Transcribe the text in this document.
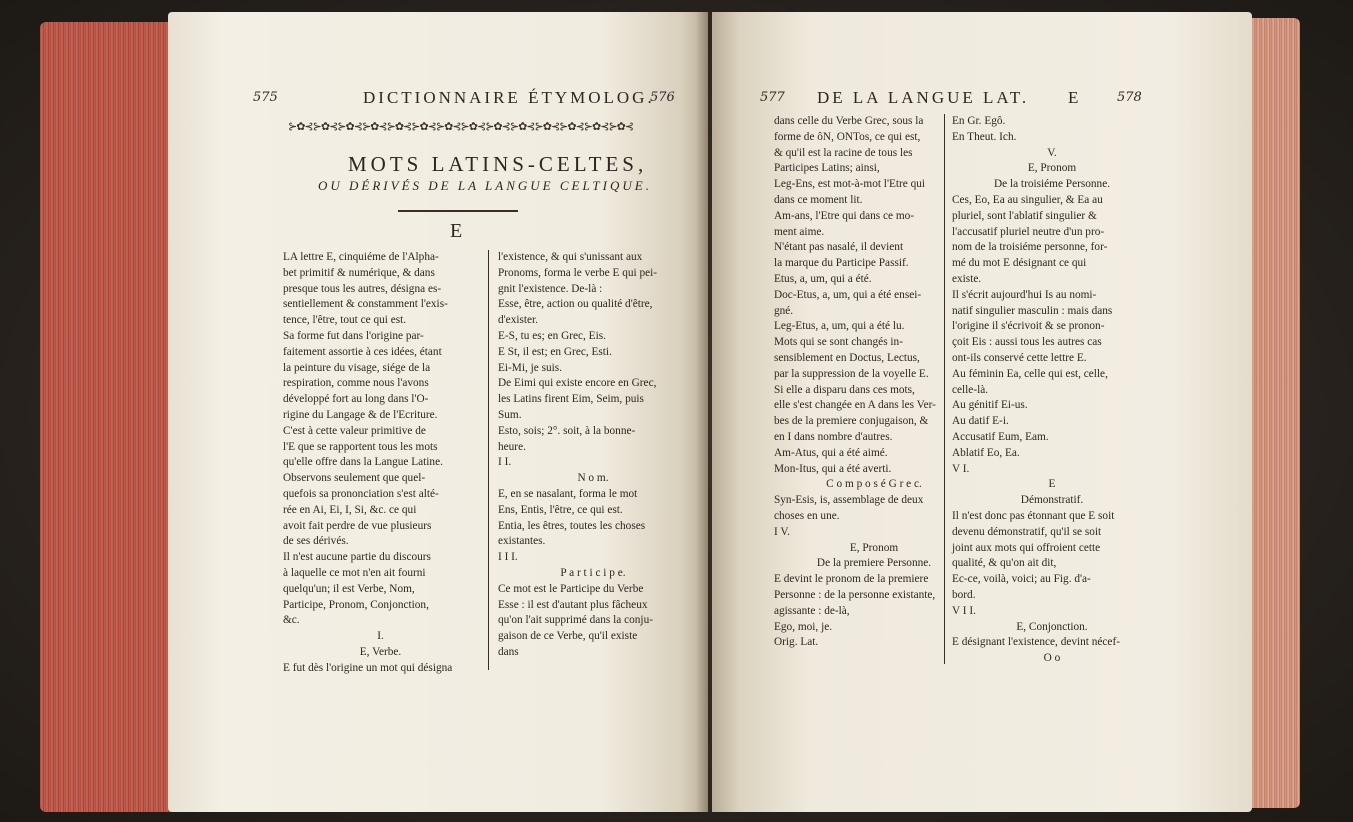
575	DICTIONNAIRE ÉTYMOLOG.
576
⊱✿⊰⊱✿⊰⊱✿⊰⊱✿⊰⊱✿⊰⊱✿⊰⊱✿⊰⊱✿⊰⊱✿⊰⊱✿⊰⊱✿⊰⊱✿⊰⊱✿⊰⊱✿⊰
MOTS LATINS-CELTES,
OU DÉRIVÉS DE LA LANGUE CELTIQUE.
E

LA lettre E, cinquiéme de l'Alpha-

bet primitif & numérique, & dans

presque tous les autres, désigna es-

sentiellement & constamment l'exis-

tence, l'être, tout ce qui est.

Sa forme fut dans l'origine par-

faitement assortie à ces idées, étant

la peinture du visage, siége de la

respiration, comme nous l'avons

développé fort au long dans l'O-

rigine du Langage & de l'Ecriture.

C'est à cette valeur primitive de

l'E que se rapportent tous les mots

qu'elle offre dans la Langue Latine.

Observons seulement que quel-

quefois sa prononciation s'est alté-

rée en Ai, Ei, I, Si, &c. ce qui

avoit fait perdre de vue plusieurs

de ses dérivés.

Il n'est aucune partie du discours

à laquelle ce mot n'en ait fourni

quelqu'un; il est Verbe, Nom,

Participe, Pronom, Conjonction,

&c.

I.

E, Verbe.

E fut dès l'origine un mot qui désigna

l'existence, & qui s'unissant aux

Pronoms, forma le verbe E qui pei-

gnit l'existence. De-là :

Esse, être, action ou qualité d'être,

d'exister.

E-S, tu es; en Grec, Eis.

E St, il est; en Grec, Esti.

Ei-Mi, je suis.

De Eimi qui existe encore en Grec,

les Latins firent Eim, Seim, puis

Sum.

Esto, sois; 2°. soit, à la bonne-

heure.

I I.

N o m.

E, en se nasalant, forma le mot

Ens, Entis, l'être, ce qui est.

Entia, les êtres, toutes les choses

existantes.

I I I.

P a r t i c i p e.

Ce mot est le Participe du Verbe

Esse : il est d'autant plus fâcheux

qu'on l'ait supprimé dans la conju-

gaison de ce Verbe, qu'il existe

dans

577 DE LA LANGUE LAT. E	578

dans celle du Verbe Grec, sous la

forme de ôN, ONTos, ce qui est,

& qu'il est la racine de tous les

Participes Latins; ainsi,

Leg-Ens, est mot-à-mot l'Etre qui

dans ce moment lit.

Am-ans, l'Etre qui dans ce mo-

ment aime.

N'étant pas nasalé, il devient

la marque du Participe Passif.

Etus, a, um, qui a été.

Doc-Etus, a, um, qui a été ensei-

gné.

Leg-Etus, a, um, qui a été lu.

Mots qui se sont changés in-

sensiblement en Doctus, Lectus,

par la suppression de la voyelle E.

Si elle a disparu dans ces mots,

elle s'est changée en A dans les Ver-

bes de la premiere conjugaison, &

en I dans nombre d'autres.

Am-Atus, qui a été aimé.

Mon-Itus, qui a été averti.

C o m p o s é G r e c.

Syn-Esis, is, assemblage de deux

choses en une.

I V.

E, Pronom

De la premiere Personne.

E devint le pronom de la premiere

Personne : de la personne existante,

agissante : de-là,

Ego, moi, je.

Orig. Lat.

En Gr. Egô.

En Theut. Ich.

V.

E, Pronom

De la troisiéme Personne.

Ces, Eo, Ea au singulier, & Ea au

pluriel, sont l'ablatif singulier &

l'accusatif pluriel neutre d'un pro-

nom de la troisiéme personne, for-

mé du mot E désignant ce qui

existe.

Il s'écrit aujourd'hui Is au nomi-

natif singulier masculin : mais dans

l'origine il s'écrivoit & se pronon-

çoit Eis : aussi tous les autres cas

ont-ils conservé cette lettre E.

Au féminin Ea, celle qui est, celle,

celle-là.

Au génitif Ei-us.

Au datif E-i.

Accusatif Eum, Eam.

Ablatif Eo, Ea.

V I.

E

Démonstratif.

Il n'est donc pas étonnant que E soit

devenu démonstratif, qu'il se soit

joint aux mots qui offroient cette

qualité, & qu'on ait dit,

Ec-ce, voilà, voici; au Fig. d'a-

bord.

V I I.

E, Conjonction.

E désignant l'existence, devint nécef-

O o
